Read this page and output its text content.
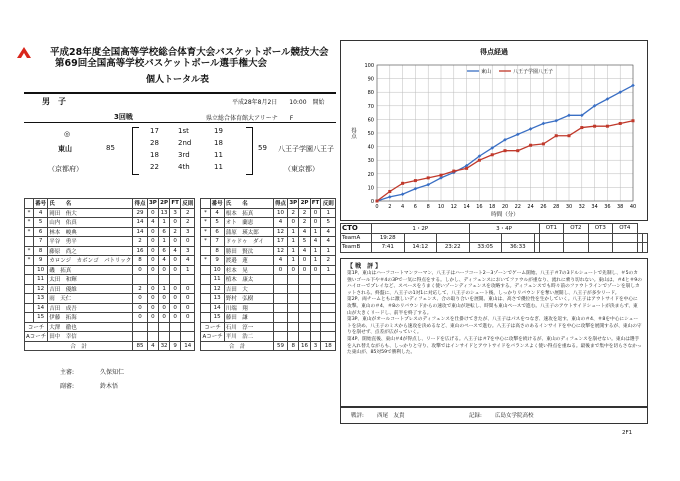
平成28年度全国高等学校総合体育大会バスケットボール競技大会
第69回全国高等学校バスケットボール選手権大会
個人トータル表
男　子	平成28年8月2日　　10:00　開始
3回戦	県立総合体育館大アリーナ　　F
◎
東山
（京都府）
85
17	1st	19
28	2nd	18
18	3rd	11
22	4th	11
59 八王子学園八王子
（東京都）
	番号	氏　　名	得点	3P	2P	FT	反則			番号	氏　　名	得点	3P	2P	FT	反則
*	4	岡田　侑大	29	0	13	3	2		*	4	根本　拓真	10	2	2	0	1
*	5	山内　佑真	14	4	1	0	2		*	5	オト　蘭恵	4	0	2	0	5
*	6	林本　峻典	14	0	6	2	3		*	6	蒲原　瑛太郎	12	1	4	1	4
	7	平谷　勇平	2	0	1	0	0		*	7	ドゥドゥ　ダイ	17	1	5	4	4
*	8	藤原　尚之	16	0	6	4	3			8	勝田　賢汰	12	1	4	1	1
*	9	カロンジ　カボンゴ　パトリック	8	0	4	0	4		*	9	渡邉　蓮	4	1	0	1	2
	10	磯　拓真	0	0	0	0	1			10	杉本　晃	0	0	0	0	1
	11	太田　和輝								11	植木　康太					
	12	吉田　優維	2	0	1	0	0			12	吉田　大					
	13	雨　天仁	0	0	0	0	0			13	野村　弘樹					
	14	吉田　成吾	0	0	0	0	0			14	川端　翔					
	15	伊藤　拓海	0	0	0	0	0			15	藤田　謙					
コーチ		大澤　徹也							コーチ		石川　淳一					
Aコーチ		田中　幸信							Aコーチ		平川　浩二					
合　計			85	4	32	9	14		合　計			59	8	16	3	18
主審:	久保知仁
副審:	鈴木悟
得点経過
0
10
20
30
40
50
60
70
80
90
100
0 2 4 6 8 10 12 14 16 18 20 22 24 26 28 30 32 34 36 38 40
時間（分）
得点
東山	八王子学園八王子
CTO	1・2P			3・4P			OT1	OT2	OT3	OT4		
TeamA	19:28											
TeamB	7:41	14:12	23:22	33:05	36:33							
【 戦　評 】

第1P、東山はハーフコートマンツーマン、八王子はハーフコート2－3ゾーンでゲーム開始。八王子＃7の3ドルシュートで先制し、＃5のカ強いゴール下や＃4の3Pで一気に得点をする。しかし、ディフェンスにおいてファウルが重なり、流れに乗り切れない。東山は、＃4と＃9のハイローでプレイなど、スペースをうまく使いゾーンディフェンスを攻略する。ディフェンスでも時々前のファウトラインでゾーンを崩しカットされる。終盤に、八王子の1対1に対応して、八王子のシュート後、しっかりリバウンドを奪い展開し、八王子が多少リード。

第2P、両チームともに激しいディフェンス、合の取り合いを展開。東山は、高さで優位性を生かしていく。八王子はアウトサイドを中心に攻撃。東山の＃4、＃8のリバウンドからの速攻で東山が逆転し、時間も東山ペースで進む。八王子のアウトサイドシュートが決まらず、東山が大きくリードし、前半を終了する。

第3P、東山がオールコートプレスのディフェンスを仕掛けてきたが、八王子はパスをつなぎ、速攻を返す。東山の＃4、＃8を中心にシュートを決め、八王子のミスから速攻を決めるなど、東山のペースで進む。八王子は高さのあるインサイドを中心に攻撃を展開するが、東山の守りを崩せず、点差が広がっていく。

第4P、開始直後、東山＃4が得点し、リードを広げる。八王子は＃7を中心に攻撃を続けるが、東山のディフェンスを崩せない。東山は選手を入れ替えながらも、しっかりと守り、攻撃ではインサイドとアウトサイドをバランスよく使い得点を重ねる。最後まで集中を切らさなかった東山が、85対59で勝利した。

戦評: 西尾　友貴	記録: 広島女学院高校
2F1
